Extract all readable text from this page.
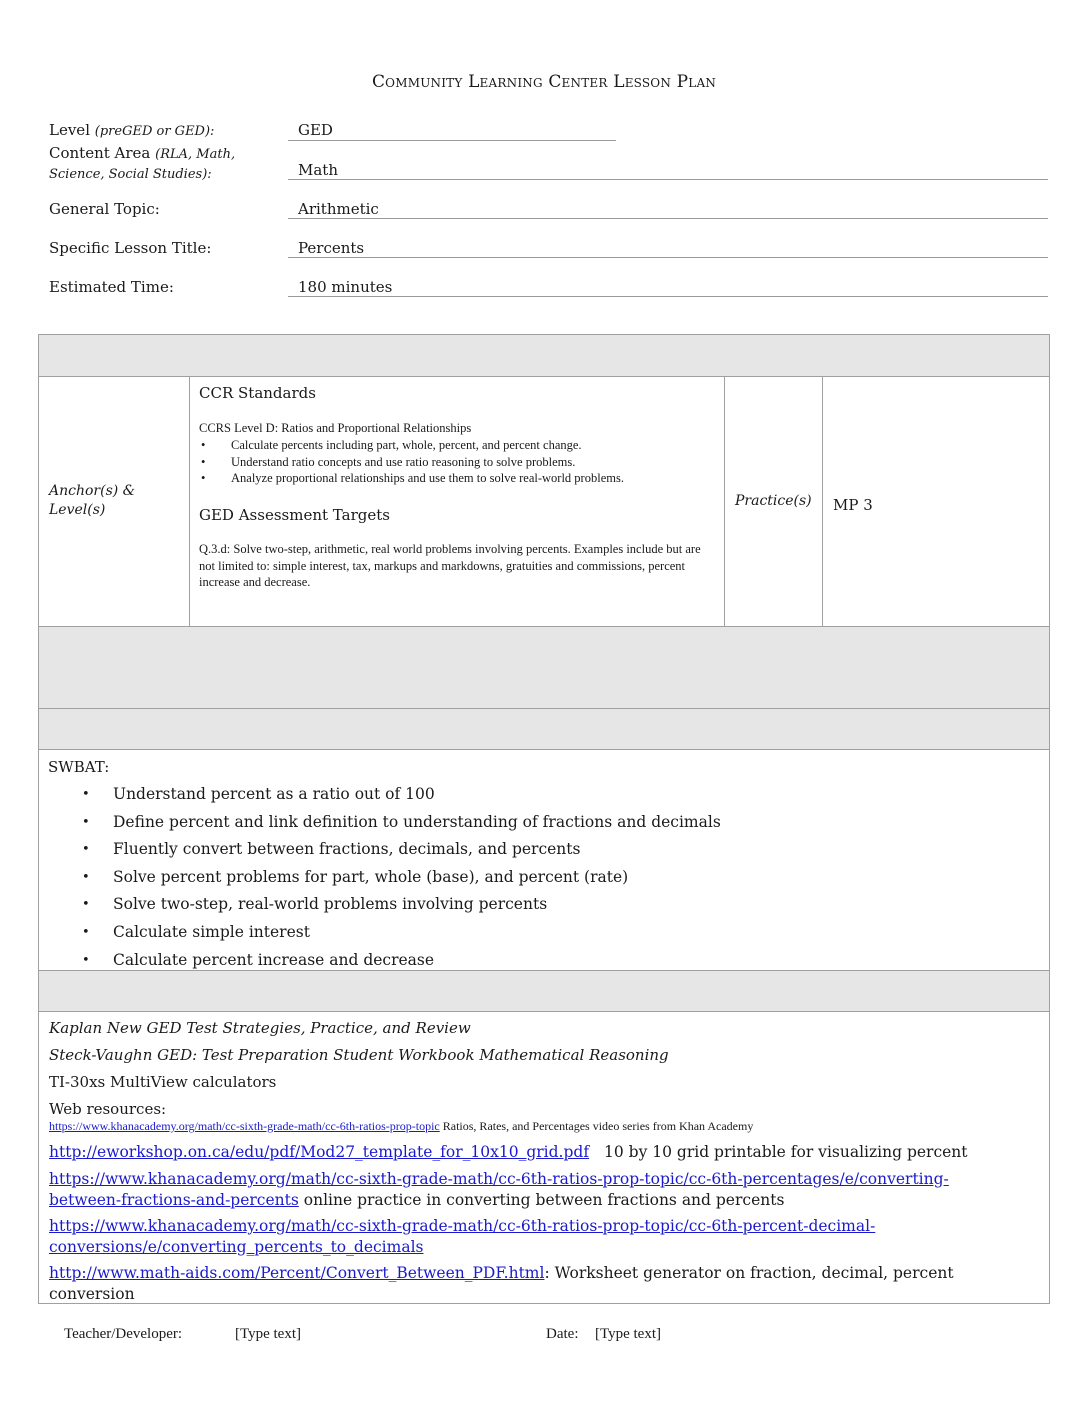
Community Learning Center Lesson Plan
Level (preGED or GED):	GED
Content Area (RLA, Math,
Science, Social Studies):	Math
General Topic:	Arithmetic
Specific Lesson Title:	Percents
Estimated Time:	180 minutes
Anchor(s) &
Level(s)
CCR Standards
CCRS Level D: Ratios and Proportional Relationships
• Calculate percents including part, whole, percent, and percent change.
• Understand ratio concepts and use ratio reasoning to solve problems.
• Analyze proportional relationships and use them to solve real-world problems.
GED Assessment Targets
Q.3.d: Solve two-step, arithmetic, real world problems involving percents. Examples include but are not limited to: simple interest, tax, markups and markdowns, gratuities and commissions, percent increase and decrease.
Practice(s) MP 3
SWBAT:
• Understand percent as a ratio out of 100
• Define percent and link definition to understanding of fractions and decimals
• Fluently convert between fractions, decimals, and percents
• Solve percent problems for part, whole (base), and percent (rate)
• Solve two-step, real-world problems involving percents
• Calculate simple interest
• Calculate percent increase and decrease
Kaplan New GED Test Strategies, Practice, and Review
Steck-Vaughn GED: Test Preparation Student Workbook Mathematical Reasoning
TI-30xs MultiView calculators
Web resources:
https://www.khanacademy.org/math/cc-sixth-grade-math/cc-6th-ratios-prop-topic Ratios, Rates, and Percentages video series from Khan Academy
http://eworkshop.on.ca/edu/pdf/Mod27_template_for_10x10_grid.pdf 10 by 10 grid printable for visualizing percent
https://www.khanacademy.org/math/cc-sixth-grade-math/cc-6th-ratios-prop-topic/cc-6th-percentages/e/converting-
between-fractions-and-percents online practice in converting between fractions and percents
https://www.khanacademy.org/math/cc-sixth-grade-math/cc-6th-ratios-prop-topic/cc-6th-percent-decimal-
conversions/e/converting_percents_to_decimals
http://www.math-aids.com/Percent/Convert_Between_PDF.html: Worksheet generator on fraction, decimal, percent
conversion
Teacher/Developer:	[Type text]	Date: [Type text]
